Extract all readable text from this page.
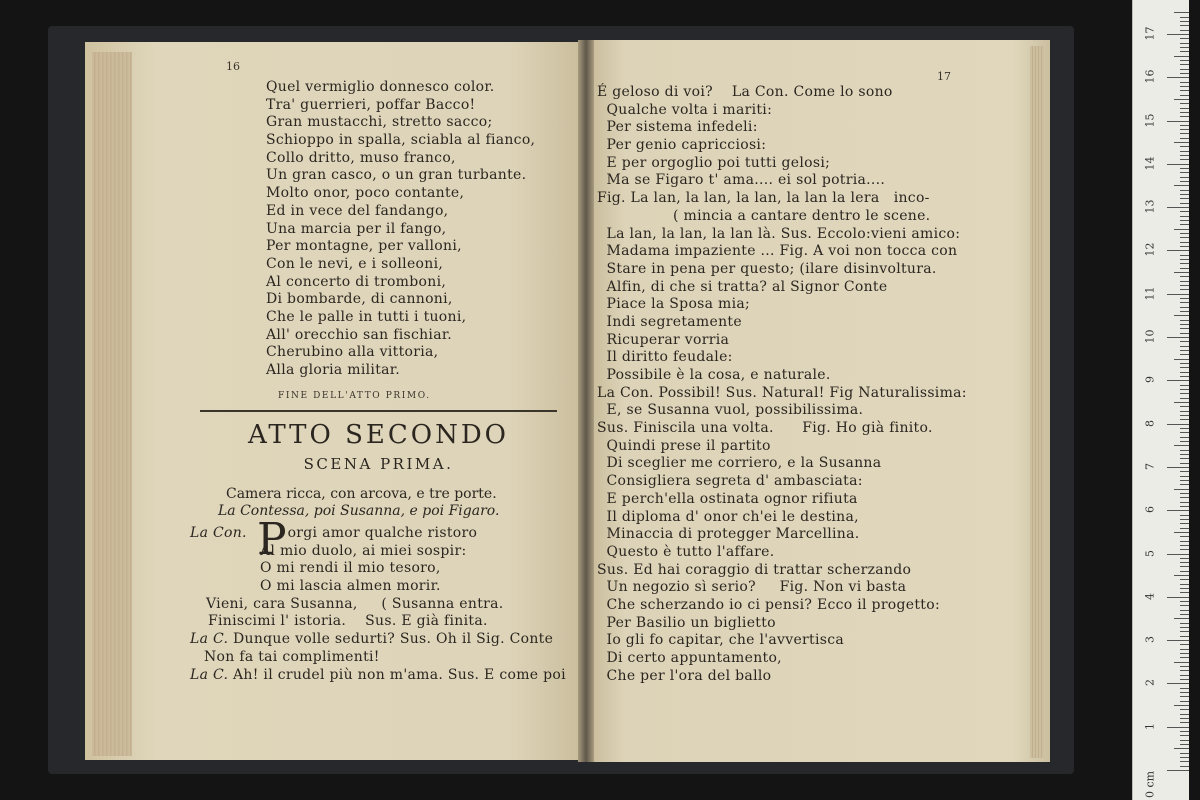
16
Quel vermiglio donnesco color.
Tra' guerrieri, poffar Bacco!
Gran mustacchi, stretto sacco;
Schioppo in spalla, sciabla al fianco,
Collo dritto, muso franco,
Un gran casco, o un gran turbante.
Molto onor, poco contante,
Ed in vece del fandango,
Una marcia per il fango,
Per montagne, per valloni,
Con le nevi, e i solleoni,
Al concerto di tromboni,
Di bombarde, di cannoni,
Che le palle in tutti i tuoni,
All' orecchio san fischiar.
Cherubino alla vittoria,
Alla gloria militar.
FINE DELL'ATTO PRIMO.
ATTO SECONDO
SCENA PRIMA.
Camera ricca, con arcova, e tre porte.
La Contessa, poi Susanna, e poi Figaro.
P
La Con.	orgi amor qualche ristoro
Al mio duolo, ai miei sospir:
O mi rendi il mio tesoro,
O mi lascia almen morir.
Vieni, cara Susanna,     ( Susanna entra.
Finiscimi l' istoria.    Sus. E già finita.
La C. Dunque volle sedurti? Sus. Oh il Sig. Conte
Non fa tai complimenti!
La C. Ah! il crudel più non m'ama. Sus. E come poi
17
É geloso di voi?    La Con. Come lo sono
Qualche volta i mariti:
Per sistema infedeli:
Per genio capricciosi:
E per orgoglio poi tutti gelosi;
Ma se Figaro t' ama.... ei sol potria....
Fig. La lan, la lan, la lan, la lan la lera   inco-
( mincia a cantare dentro le scene.
La lan, la lan, la lan là. Sus. Eccolo:vieni amico:
Madama impaziente ... Fig. A voi non tocca con
Stare in pena per questo; (ilare disinvoltura.
Alfin, di che si tratta? al Signor Conte
Piace la Sposa mia;
Indi segretamente
Ricuperar vorria
Il diritto feudale:
Possibile è la cosa, e naturale.
La Con. Possibil! Sus. Natural! Fig Naturalissima:
E, se Susanna vuol, possibilissima.
Sus. Finiscila una volta.      Fig. Ho già finito.
Quindi prese il partito
Di sceglier me corriero, e la Susanna
Consigliera segreta d' ambasciata:
E perch'ella ostinata ognor rifiuta
Il diploma d' onor ch'ei le destina,
Minaccia di protegger Marcellina.
Questo è tutto l'affare.
Sus. Ed hai coraggio di trattar scherzando
Un negozio sì serio?     Fig. Non vi basta
Che scherzando io ci pensi? Ecco il progetto:
Per Basilio un biglietto
Io gli fo capitar, che l'avvertisca
Di certo appuntamento,
Che per l'ora del ballo
0 cm
1
2
3
4
5
6
7
8
9
10
11
12
13
14
15
16
17
